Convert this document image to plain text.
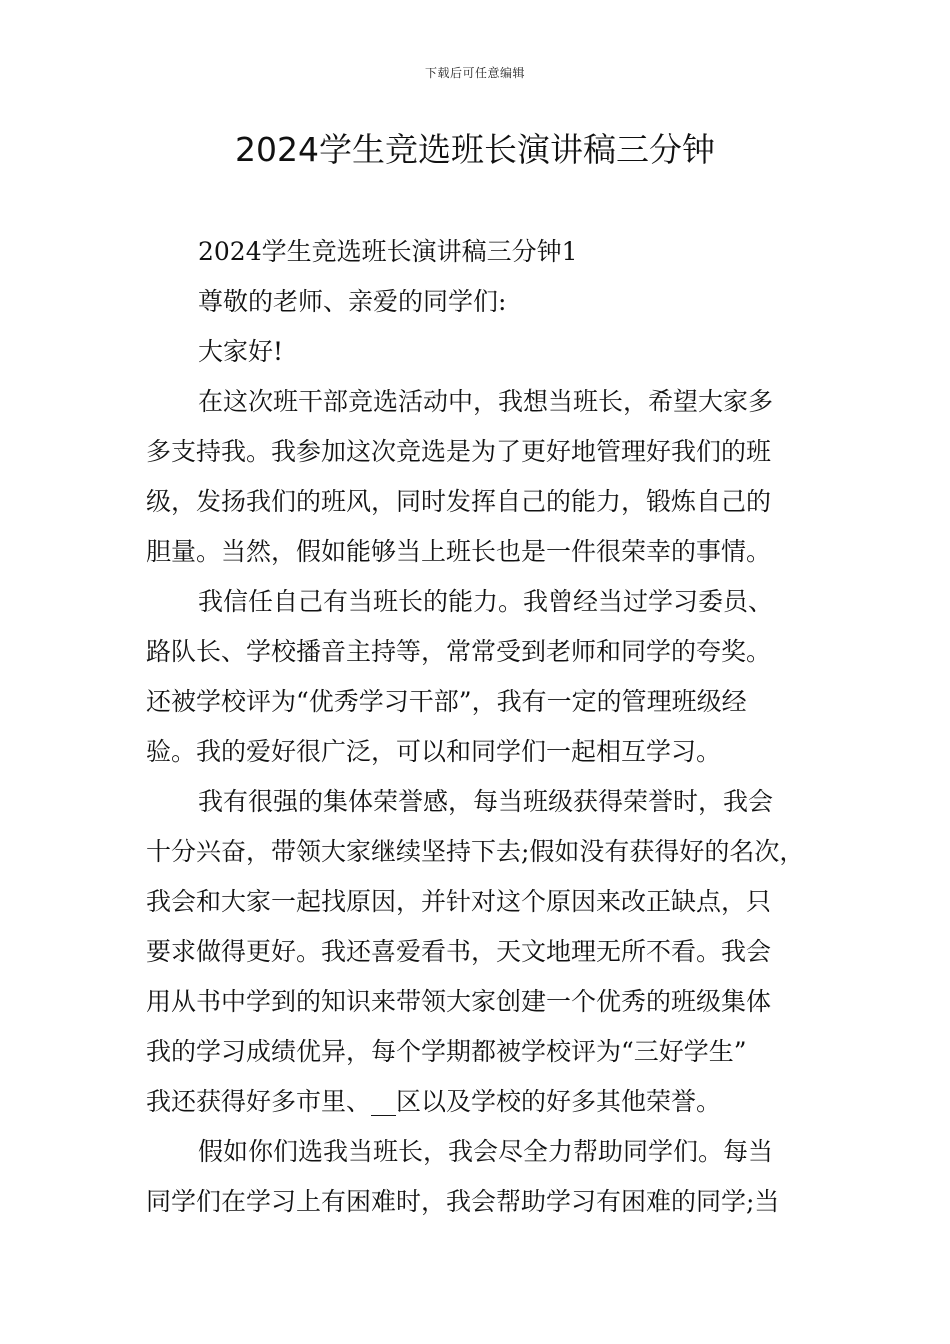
下载后可任意编辑
2024学生竞选班长演讲稿三分钟
2024学生竞选班长演讲稿三分钟1
尊敬的老师、亲爱的同学们:
大家好!
在这次班干部竞选活动中，我想当班长，希望大家多
多支持我。我参加这次竞选是为了更好地管理好我们的班
级，发扬我们的班风，同时发挥自己的能力，锻炼自己的
胆量。当然，假如能够当上班长也是一件很荣幸的事情。
我信任自己有当班长的能力。我曾经当过学习委员、
路队长、学校播音主持等，常常受到老师和同学的夸奖。
还被学校评为“优秀学习干部”，我有一定的管理班级经
验。我的爱好很广泛，可以和同学们一起相互学习。
我有很强的集体荣誉感，每当班级获得荣誉时，我会
十分兴奋，带领大家继续坚持下去;假如没有获得好的名次，
我会和大家一起找原因，并针对这个原因来改正缺点，只
要求做得更好。我还喜爱看书，天文地理无所不看。我会
用从书中学到的知识来带领大家创建一个优秀的班级集体
我的学习成绩优异，每个学期都被学校评为“三好学生”
我还获得好多市里、__区以及学校的好多其他荣誉。
假如你们选我当班长，我会尽全力帮助同学们。每当
同学们在学习上有困难时，我会帮助学习有困难的同学;当
